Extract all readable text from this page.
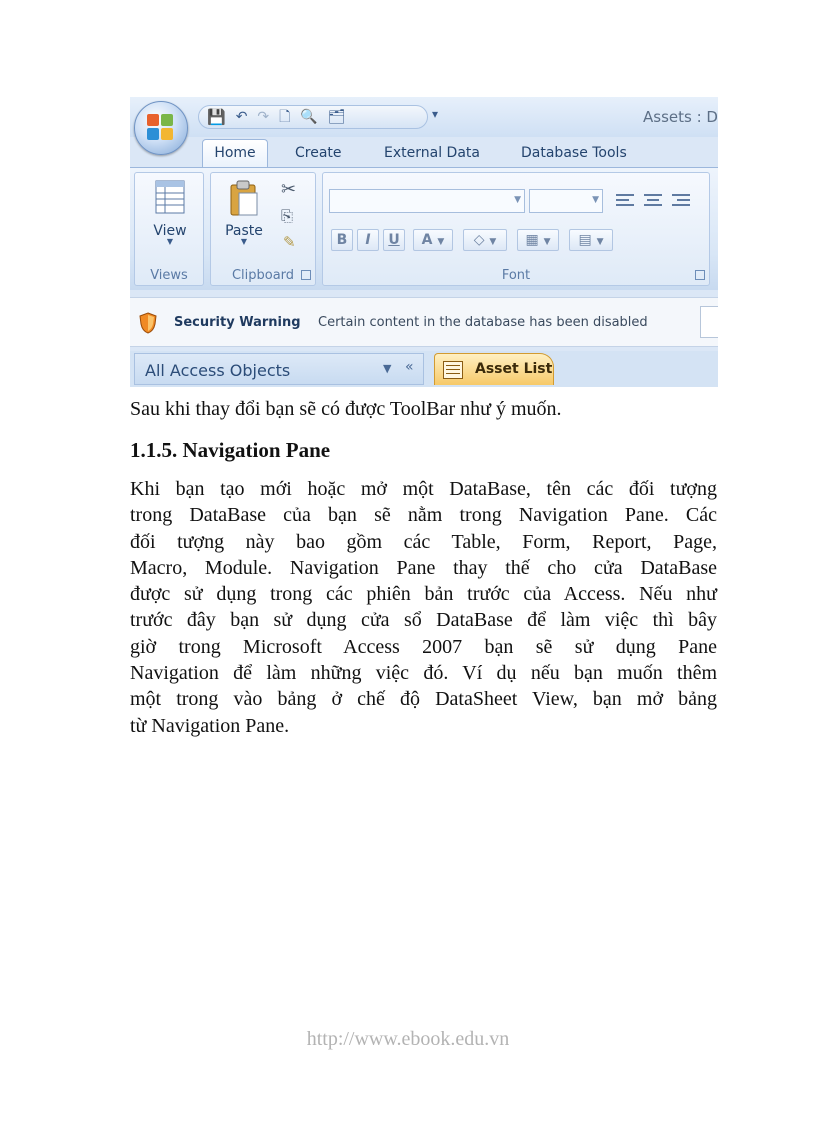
💾 ↶ ↷ 🗋 🔍 🗂	▾	Assets : D
Home	Create	External Data	Database Tools
View
▼
Views
Paste
▼
✂
⎘
✎
Clipboard
▼	▼
B	I	U	A ▼	◇ ▼	▦ ▼	▤ ▼
Font
Security Warning Certain content in the database has been disabled
All Access Objects	▼ «	Asset List
Sau khi thay đổi bạn sẽ có được ToolBar như ý muốn.
1.1.5. Navigation Pane
Khi bạn tạo mới hoặc mở một DataBase, tên các đối tượng
trong DataBase của bạn sẽ nằm trong Navigation Pane. Các
đối tượng này bao gồm các Table, Form, Report, Page,
Macro, Module. Navigation Pane thay thế cho cửa DataBase
được sử dụng trong các phiên bản trước của Access. Nếu như
trước đây bạn sử dụng cửa sổ DataBase để làm việc thì bây
giờ trong Microsoft Access 2007 bạn sẽ sử dụng Pane
Navigation để làm những việc đó. Ví dụ nếu bạn muốn thêm
một trong vào bảng ở chế độ DataSheet View, bạn mở bảng
từ Navigation Pane.
http://www.ebook.edu.vn
